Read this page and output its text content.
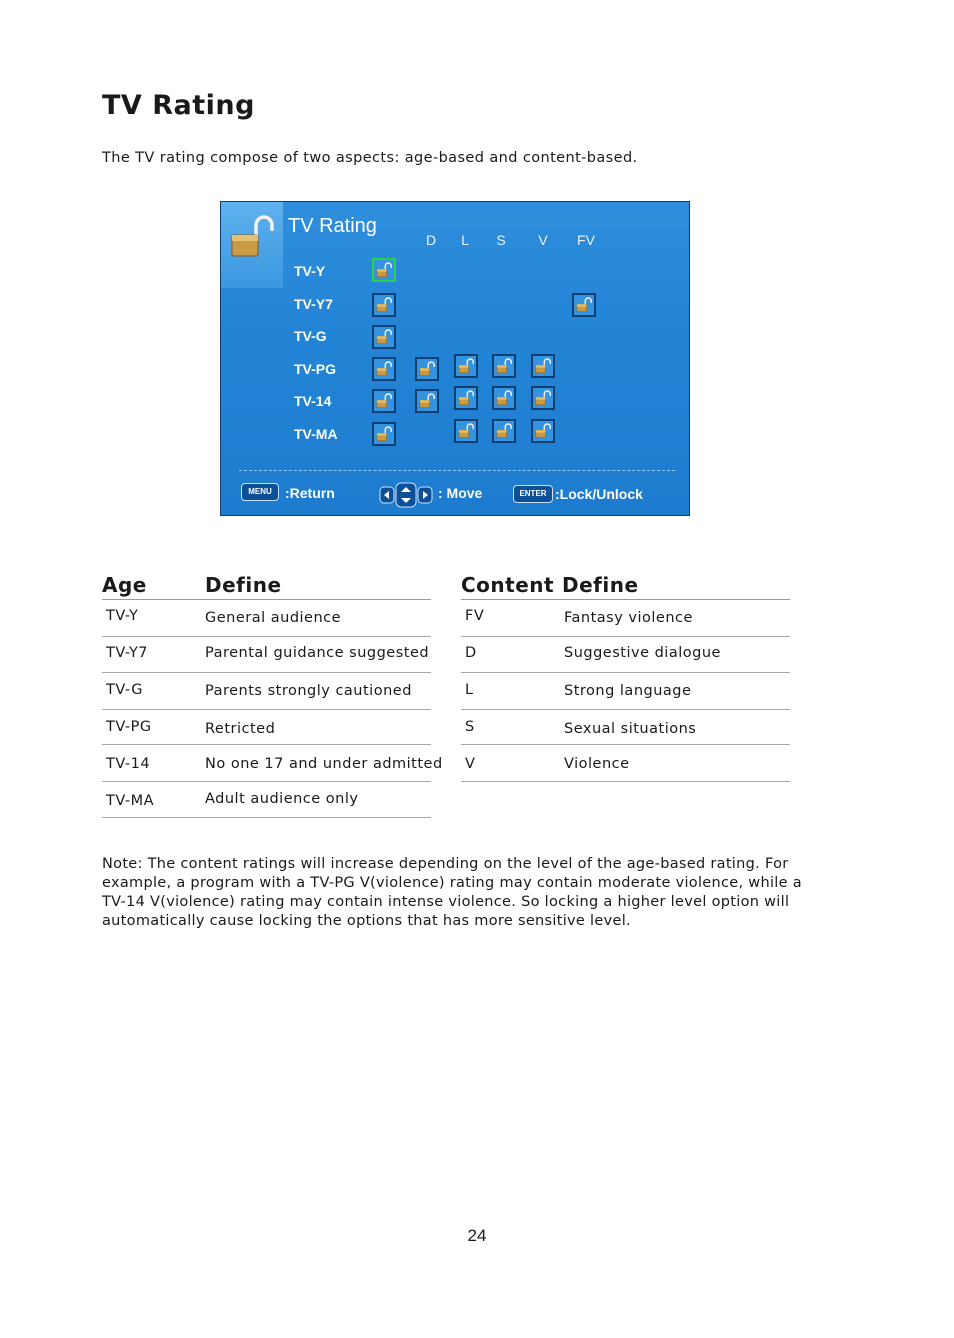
TV Rating
The TV rating compose of two aspects: age-based and content-based.
TV Rating
D	L	S	V	FV
TV-Y
TV-Y7
TV-G
TV-PG
TV-14
TV-MA
MENU :Return	: Move	ENTER :Lock/Unlock
Age	Define
TV-Y	General audience
TV-Y7	Parental guidance suggested
TV-G	Parents strongly cautioned
TV-PG	Retricted
TV-14	No one 17 and under admitted
TV-MA	Adult audience only
Content Define
FV	Fantasy violence
D	Suggestive dialogue
L	Strong language
S	Sexual situations
V	Violence

Note: The content ratings will increase depending on the level of the age-based rating. For example, a program with a TV-PG V(violence) rating may contain moderate violence, while a TV-14 V(violence) rating may contain intense violence. So locking a higher level option will automatically cause locking the options that has more sensitive level.

24
